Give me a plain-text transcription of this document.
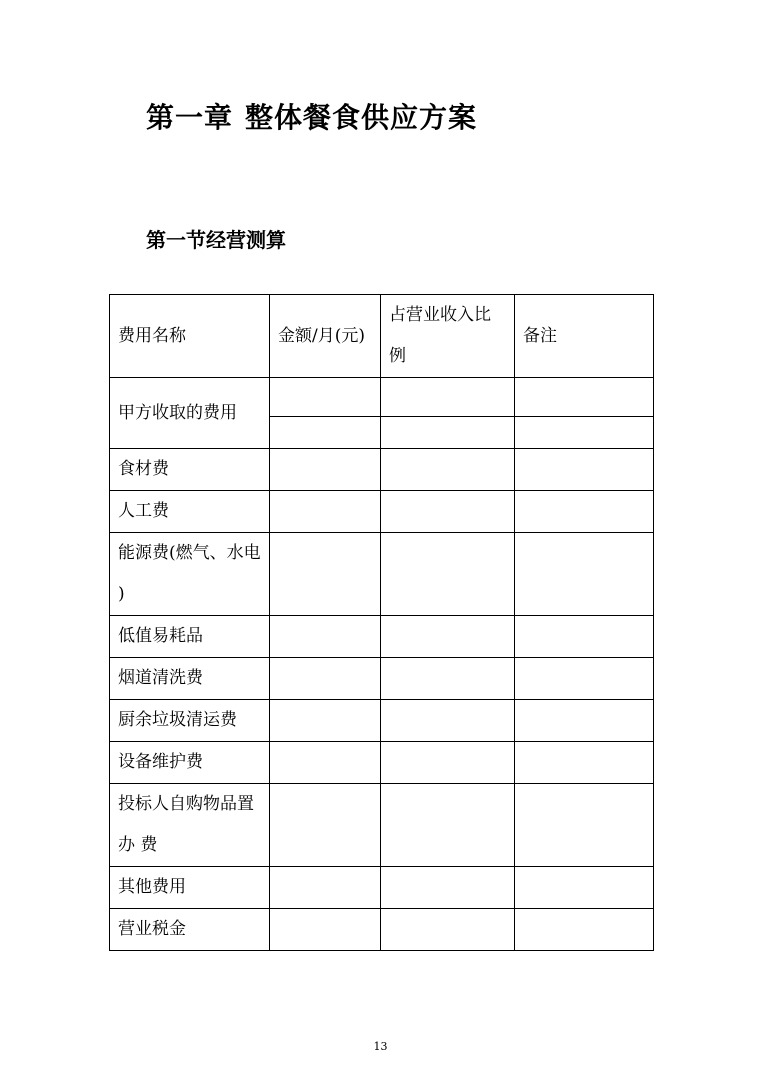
第一章 整体餐食供应方案
第一节经营测算
费用名称	金额/月(元)	占营业收入比例	备注
甲方收取的费用			

食材费			
人工费			
能源费(燃气、水电 )			
低值易耗品			
烟道清洗费			
厨余垃圾清运费			
设备维护费			
投标人自购物品置办 费			
其他费用			
营业税金			
13
